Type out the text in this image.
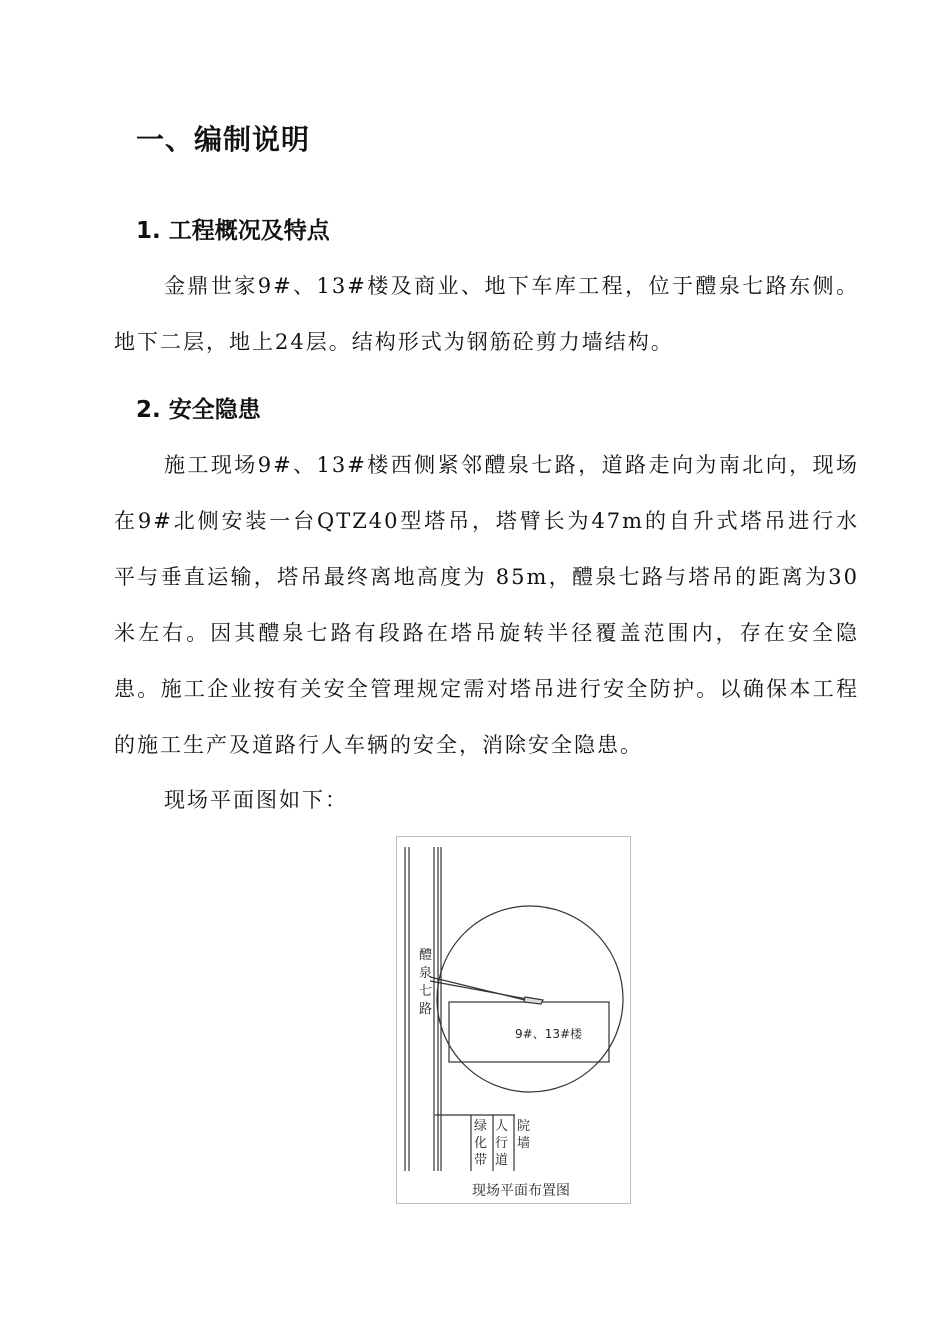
一、编制说明
1. 工程概况及特点

金鼎世家9#、13#楼及商业、地下车库工程，位于醴泉七路东侧。地下二层，地上24层。结构形式为钢筋砼剪力墙结构。

2. 安全隐患

施工现场9#、13#楼西侧紧邻醴泉七路，道路走向为南北向，现场在9#北侧安装一台QTZ40型塔吊，塔臂长为47m的自升式塔吊进行水平与垂直运输，塔吊最终离地高度为 85m，醴泉七路与塔吊的距离为30 米左右。因其醴泉七路有段路在塔吊旋转半径覆盖范围内，存在安全隐患。施工企业按有关安全管理规定需对塔吊进行安全防护。以确保本工程的施工生产及道路行人车辆的安全，消除安全隐患。

现场平面图如下：

9#、13#楼
醴
泉
七
路
绿
化
带
人
行
道
院
墙
现场平面布置图
